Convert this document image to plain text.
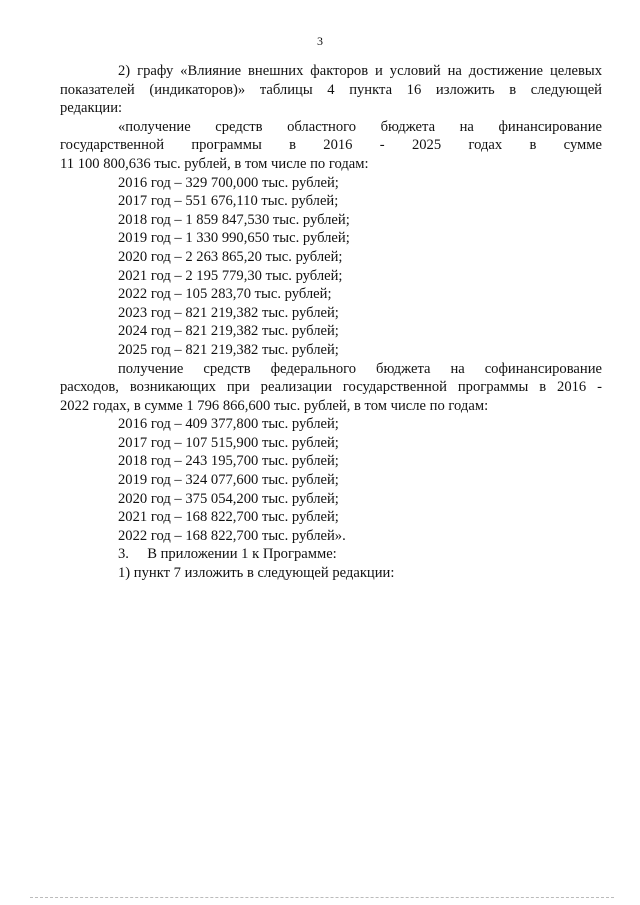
3

2) графу «Влияние внешних факторов и условий на достижение целевых

показателей (индикаторов)» таблицы 4 пункта 16 изложить в следующей

редакции:

«получение средств областного бюджета на финансирование

государственной программы в 2016 - 2025 годах в сумме

11 100 800,636 тыс. рублей, в том числе по годам:

2016 год – 329 700,000 тыс. рублей;
2017 год – 551 676,110 тыс. рублей;
2018 год – 1 859 847,530 тыс. рублей;
2019 год – 1 330 990,650 тыс. рублей;
2020 год – 2 263 865,20 тыс. рублей;
2021 год – 2 195 779,30 тыс. рублей;
2022 год – 105 283,70 тыс. рублей;
2023 год – 821 219,382 тыс. рублей;
2024 год – 821 219,382 тыс. рублей;
2025 год – 821 219,382 тыс. рублей;

получение средств федерального бюджета на софинансирование

расходов, возникающих при реализации государственной программы в 2016 -

2022 годах, в сумме 1 796 866,600 тыс. рублей, в том числе по годам:

2016 год – 409 377,800 тыс. рублей;
2017 год – 107 515,900 тыс. рублей;
2018 год – 243 195,700 тыс. рублей;
2019 год – 324 077,600 тыс. рублей;
2020 год – 375 054,200 тыс. рублей;
2021 год – 168 822,700 тыс. рублей;
2022 год – 168 822,700 тыс. рублей».
3.  В приложении 1 к Программе:
1) пункт 7 изложить в следующей редакции:
